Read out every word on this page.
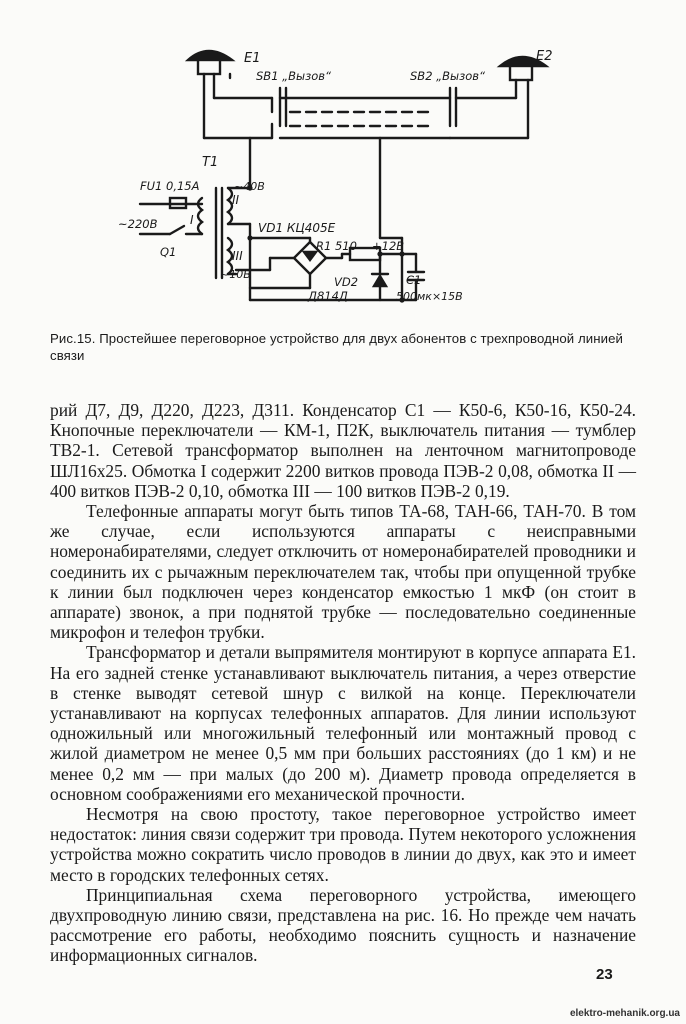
E1	E2
SB1 „Вызов“	SB2 „Вызов“
T1
FU1 0,15А
~220В
Q1
I
II
III
~40В
~10В
VD1 КЦ405Е
R1 510 +12В
C1
500мк×15В
VD2
Д814Д
Рис.15. Простейшее переговорное устройство для двух абонентов с трехпроводной линией связи

рий Д7, Д9, Д220, Д223, Д311. Конденсатор C1 — К50-6, К50-16, К50-24. Кнопочные переключатели — КМ-1, П2К, выключатель питания — тумблер ТВ2-1. Сетевой трансформатор выполнен на ленточном магнитопроводе ШЛ16х25. Обмотка I содержит 2200 витков провода ПЭВ-2 0,08, обмотка II — 400 витков ПЭВ-2 0,10, обмотка III — 100 витков ПЭВ-2 0,19.

Телефонные аппараты могут быть типов ТА-68, ТАН-66, ТАН-70. В том же случае, если используются аппараты с неисправными номеронабирателями, следует отключить от номеронабирателей проводники и соединить их с рычажным переключателем так, чтобы при опущенной трубке к линии был подключен через конденсатор емкостью 1 мкФ (он стоит в аппарате) звонок, а при поднятой трубке — последовательно соединенные микрофон и телефон трубки.

Трансформатор и детали выпрямителя монтируют в корпусе аппарата E1. На его задней стенке устанавливают выключатель питания, а через отверстие в стенке выводят сетевой шнур с вилкой на конце. Переключатели устанавливают на корпусах телефонных аппаратов. Для линии используют одножильный или многожильный телефонный или монтажный провод с жилой диаметром не менее 0,5 мм при больших расстояниях (до 1 км) и не менее 0,2 мм — при малых (до 200 м). Диаметр провода определяется в основном соображениями его механической прочности.

Несмотря на свою простоту, такое переговорное устройство имеет недостаток: линия связи содержит три провода. Путем некоторого усложнения устройства можно сократить число проводов в линии до двух, как это и имеет место в городских телефонных сетях.

Принципиальная схема переговорного устройства, имеющего двухпроводную линию связи, представлена на рис. 16. Но прежде чем начать рассмотрение его работы, необходимо пояснить сущность и назначение информационных сигналов.

23
elektro-mehanik.org.ua
